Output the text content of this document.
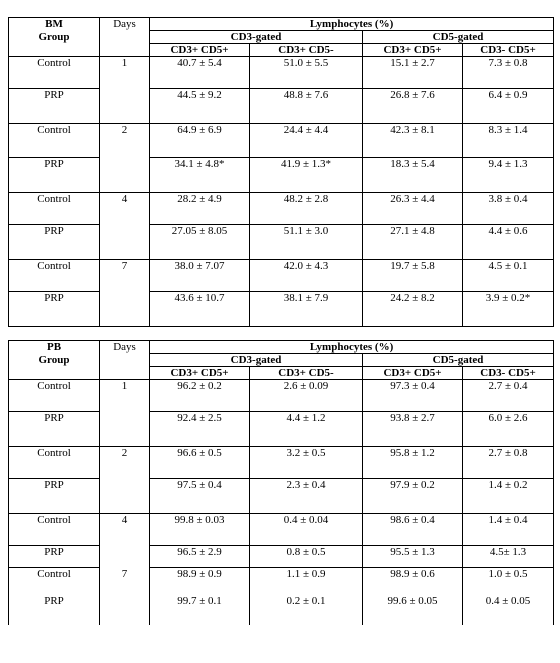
BM	Days	Lymphocytes (%)			
Group		CD3-gated		CD5-gated	
		CD3+ CD5+	CD3+ CD5-	CD3+ CD5+	CD3- CD5+
Control	1	40.7 ± 5.4	51.0 ± 5.5	15.1 ± 2.7	7.3 ± 0.8
PRP		44.5 ± 9.2	48.8 ± 7.6	26.8 ± 7.6	6.4 ± 0.9
Control	2	64.9 ± 6.9	24.4 ± 4.4	42.3 ± 8.1	8.3 ± 1.4
PRP		34.1 ± 4.8*	41.9 ± 1.3*	18.3 ± 5.4	9.4 ± 1.3
Control	4	28.2 ± 4.9	48.2 ± 2.8	26.3 ± 4.4	3.8 ± 0.4
PRP		27.05 ± 8.05	51.1 ± 3.0	27.1 ± 4.8	4.4 ± 0.6
Control	7	38.0 ± 7.07	42.0 ± 4.3	19.7 ± 5.8	4.5 ± 0.1
PRP		43.6 ± 10.7	38.1 ± 7.9	24.2 ± 8.2	3.9 ± 0.2*
PB	Days	Lymphocytes (%)			
Group		CD3-gated		CD5-gated	
		CD3+ CD5+	CD3+ CD5-	CD3+ CD5+	CD3- CD5+
Control	1	96.2 ± 0.2	2.6 ± 0.09	97.3 ± 0.4	2.7 ± 0.4
PRP		92.4 ± 2.5	4.4 ± 1.2	93.8 ± 2.7	6.0 ± 2.6
Control	2	96.6 ± 0.5	3.2 ± 0.5	95.8 ± 1.2	2.7 ± 0.8
PRP		97.5 ± 0.4	2.3 ± 0.4	97.9 ± 0.2	1.4 ± 0.2
Control	4	99.8 ± 0.03	0.4 ± 0.04	98.6 ± 0.4	1.4 ± 0.4
PRP		96.5 ± 2.9	0.8 ± 0.5	95.5 ± 1.3	4.5± 1.3
Control	7	98.9 ± 0.9	1.1 ± 0.9	98.9 ± 0.6	1.0 ± 0.5
PRP		99.7 ± 0.1	0.2 ± 0.1	99.6 ± 0.05	0.4 ± 0.05
